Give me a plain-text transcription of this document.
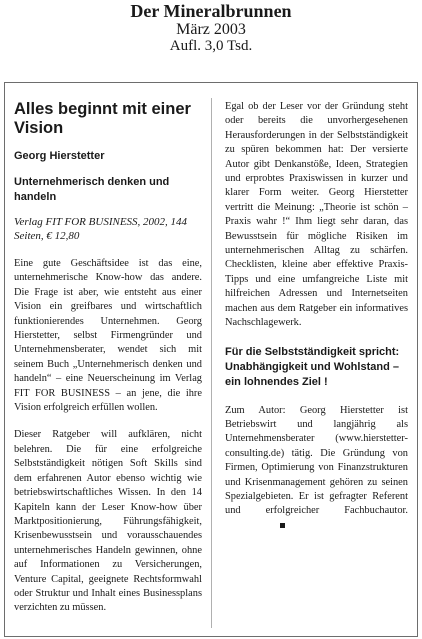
Der Mineralbrunnen
März 2003
Aufl. 3,0 Tsd.
Alles beginnt mit einer Vision
Georg Hierstetter
Unternehmerisch denken und handeln
Verlag FIT FOR BUSINESS, 2002, 144 Seiten, € 12,80

Eine gute Geschäftsidee ist das eine, unternehmerische Know-how das andere. Die Frage ist aber, wie entsteht aus einer Vision ein greifbares und wirtschaftlich funktionierendes Unternehmen. Georg Hierstetter, selbst Firmengründer und Unternehmensberater, wendet sich mit seinem Buch „Unternehmerisch denken und handeln“ – eine Neuerscheinung im Verlag FIT FOR BUSINESS – an jene, die ihre Vision erfolgreich erfüllen wollen.

Dieser Ratgeber will aufklären, nicht belehren. Die für eine erfolgreiche Selbstständigkeit nötigen Soft Skills sind dem erfahrenen Autor ebenso wichtig wie betriebswirtschaftliches Wissen. In den 14 Kapiteln kann der Leser Know-how über Marktpositionierung, Führungsfähigkeit, Krisenbewusstsein und vorausschauendes unternehmerisches Handeln gewinnen, ohne auf Informationen zu Versicherungen, Venture Capital, geeignete Rechtsformwahl oder Struktur und Inhalt eines Businessplans verzichten zu müssen.

Egal ob der Leser vor der Gründung steht oder bereits die unvorhergesehenen Herausforderungen in der Selbstständigkeit zu spüren bekommen hat: Der versierte Autor gibt Denkanstöße, Ideen, Strategien und erprobtes Praxiswissen in kurzer und klarer Form weiter. Georg Hierstetter vertritt die Meinung: „Theorie ist schön – Praxis wahr !“ Ihm liegt sehr daran, das Bewusstsein für mögliche Risiken im unternehmerischen Alltag zu schärfen. Checklisten, kleine aber effektive Praxis-Tipps und eine umfangreiche Liste mit hilfreichen Adressen und Internetseiten machen aus dem Ratgeber ein informatives Nachschlagewerk.

Für die Selbstständigkeit spricht: Unabhängigkeit und Wohlstand – ein lohnendes Ziel !

Zum Autor: Georg Hierstetter ist Betriebswirt und langjährig als Unternehmensberater (www.hierstetter-consulting.de) tätig. Die Gründung von Firmen, Optimierung von Finanzstrukturen und Krisenmanagement gehören zu seinen Spezialgebieten. Er ist gefragter Referent und erfolgreicher Fachbuchautor.
